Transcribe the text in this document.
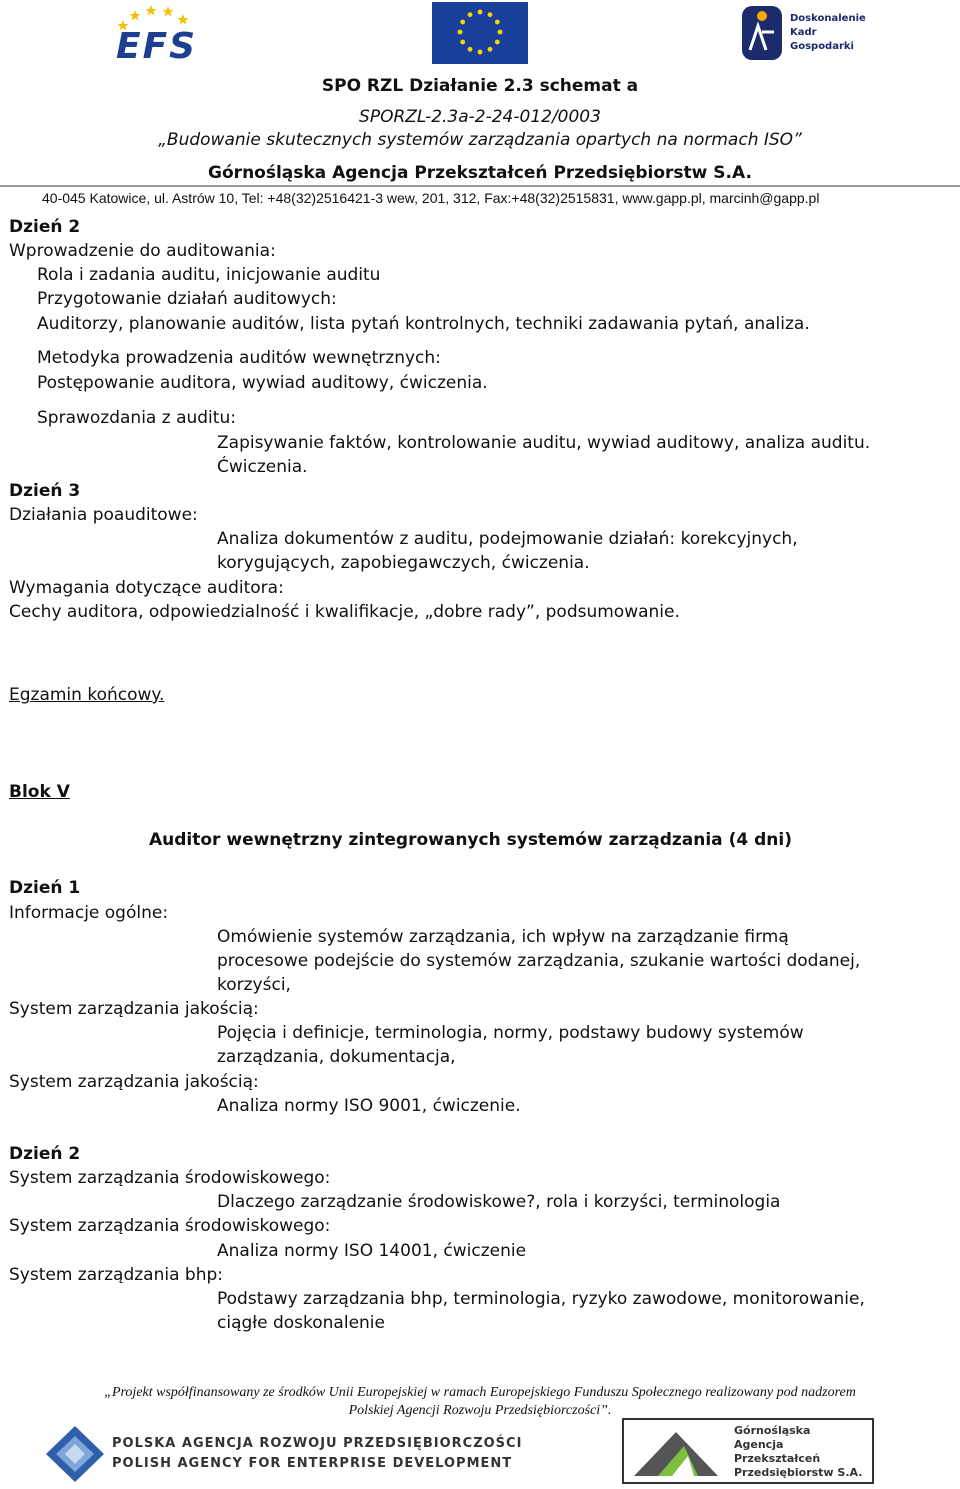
EFS
Doskonalenie
Kadr
Gospodarki
SPO RZL Działanie 2.3 schemat a
SPORZL-2.3a-2-24-012/0003
„Budowanie skutecznych systemów zarządzania opartych na normach ISO”
Górnośląska Agencja Przekształceń Przedsiębiorstw S.A.
40-045 Katowice, ul. Astrów 10, Tel: +48(32)2516421-3 wew, 201, 312, Fax:+48(32)2515831, www.gapp.pl, marcinh@gapp.pl
Dzień 2
Wprowadzenie do auditowania:
Rola i zadania auditu, inicjowanie auditu
Przygotowanie działań auditowych:
Auditorzy, planowanie auditów, lista pytań kontrolnych, techniki zadawania pytań, analiza.
Metodyka prowadzenia auditów wewnętrznych:
Postępowanie auditora, wywiad auditowy, ćwiczenia.
Sprawozdania z auditu:
Zapisywanie faktów, kontrolowanie auditu, wywiad auditowy, analiza auditu.
Ćwiczenia.
Dzień 3
Działania poauditowe:
Analiza dokumentów z auditu, podejmowanie działań: korekcyjnych,
korygujących, zapobiegawczych, ćwiczenia.
Wymagania dotyczące auditora:
Cechy auditora, odpowiedzialność i kwalifikacje, „dobre rady”, podsumowanie.
Egzamin końcowy.
Blok V
Auditor wewnętrzny zintegrowanych systemów zarządzania (4 dni)
Dzień 1
Informacje ogólne:
Omówienie systemów zarządzania, ich wpływ na zarządzanie firmą
procesowe podejście do systemów zarządzania, szukanie wartości dodanej,
korzyści,
System zarządzania jakością:
Pojęcia i definicje, terminologia, normy, podstawy budowy systemów
zarządzania, dokumentacja,
System zarządzania jakością:
Analiza normy ISO 9001, ćwiczenie.
Dzień 2
System zarządzania środowiskowego:
Dlaczego zarządzanie środowiskowe?, rola i korzyści, terminologia
System zarządzania środowiskowego:
Analiza normy ISO 14001, ćwiczenie
System zarządzania bhp:
Podstawy zarządzania bhp, terminologia, ryzyko zawodowe, monitorowanie,
ciągłe doskonalenie
„Projekt współfinansowany ze środków Unii Europejskiej w ramach Europejskiego Funduszu Społecznego realizowany pod nadzorem
Polskiej Agencji Rozwoju Przedsiębiorczości”.
POLSKA AGENCJA ROZWOJU PRZEDSIĘBIORCZOŚCI
POLISH AGENCY FOR ENTERPRISE DEVELOPMENT
Górnośląska
Agencja
Przekształceń
Przedsiębiorstw S.A.
